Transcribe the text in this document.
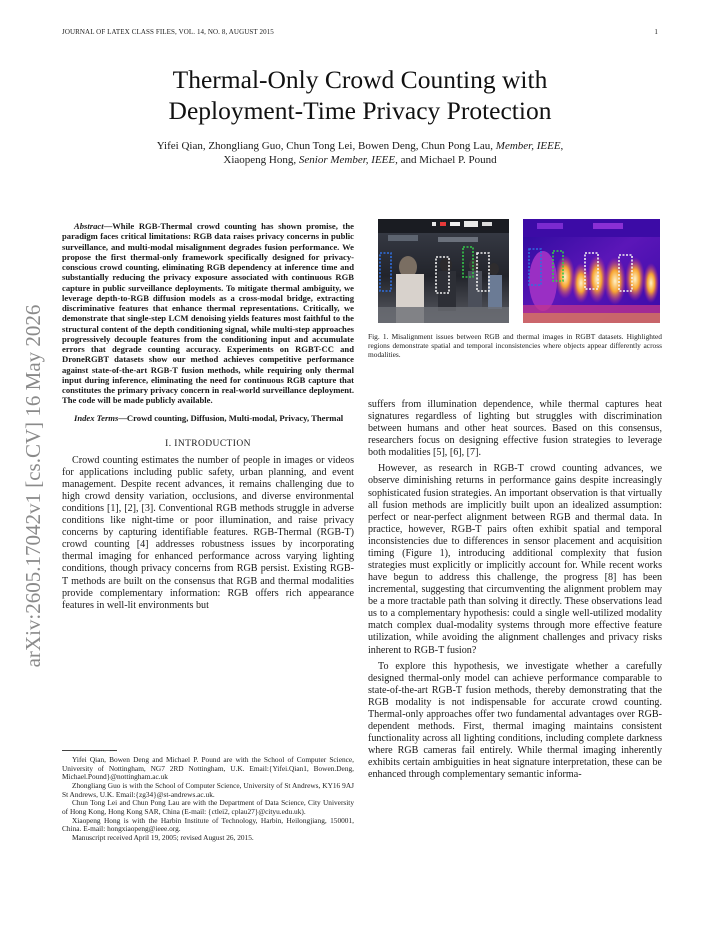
JOURNAL OF LATEX CLASS FILES, VOL. 14, NO. 8, AUGUST 2015	1
Thermal-Only Crowd Counting with
Deployment-Time Privacy Protection
Yifei Qian, Zhongliang Guo, Chun Tong Lei, Bowen Deng, Chun Pong Lau, Member, IEEE,
Xiaopeng Hong, Senior Member, IEEE, and Michael P. Pound
arXiv:2605.17042v1 [cs.CV] 16 May 2026

Abstract—While RGB-Thermal crowd counting has shown promise, the paradigm faces critical limitations: RGB data raises privacy concerns in public surveillance, and multi-modal misalignment degrades fusion performance. We propose the first thermal-only framework specifically designed for privacy-conscious crowd counting, eliminating RGB dependency at inference time and substantially reducing the privacy exposure associated with continuous RGB capture in public surveillance deployments. To mitigate thermal ambiguity, we leverage depth-to-RGB diffusion models as a cross-modal bridge, extracting discriminative features that enhance thermal representations. Critically, we demonstrate that single-step LCM denoising yields features most faithful to the structural content of the depth conditioning signal, while multi-step approaches progressively decouple features from the conditioning input and accumulate errors that degrade counting accuracy. Experiments on RGBT-CC and DroneRGBT datasets show our method achieves competitive performance against state-of-the-art RGB-T fusion methods, while requiring only thermal input during inference, eliminating the need for continuous RGB capture that constitutes the primary privacy concern in real-world surveillance deployment. The code will be made publicly available.

Index Terms—Crowd counting, Diffusion, Multi-modal, Privacy, Thermal

I. INTRODUCTION

Crowd counting estimates the number of people in images or videos for applications including public safety, urban planning, and event management. Despite recent advances, it remains challenging due to high crowd density variation, occlusions, and diverse environmental conditions [1], [2], [3]. Conventional RGB methods struggle in adverse conditions like night-time or poor illumination, and raise privacy concerns by capturing identifiable features. RGB-Thermal (RGB-T) crowd counting [4] addresses robustness issues by incorporating thermal imaging for enhanced performance across varying lighting conditions, though privacy concerns from RGB persist. Existing RGB-T methods are built on the consensus that RGB and thermal modalities provide complementary information: RGB offers rich appearance features in well-lit environments but

Yifei Qian, Bowen Deng and Michael P. Pound are with the School of Computer Science, University of Nottingham, NG7 2RD Nottingham, U.K. Email:{Yifei.Qian1, Bowen.Deng, Michael.Pound}@nottingham.ac.uk

Zhongliang Guo is with the School of Computer Science, University of St Andrews, KY16 9AJ St Andrews, U.K. Email:{zg34}@st-andrews.ac.uk.

Chun Tong Lei and Chun Pong Lau are with the Department of Data Science, City University of Hong Kong, Hong Kong SAR, China (E-mail: {ctlei2, cplau27}@cityu.edu.uk).

Xiaopeng Hong is with the Harbin Institute of Technology, Harbin, Heilongjiang, 150001, China. E-mail: hongxiaopeng@ieee.org.

Manuscript received April 19, 2005; revised August 26, 2015.

Fig. 1. Misalignment issues between RGB and thermal images in RGBT datasets. Highlighted regions demonstrate spatial and temporal inconsistencies where objects appear differently across modalities.

suffers from illumination dependence, while thermal captures heat signatures regardless of lighting but struggles with discrimination between humans and other heat sources. Based on this consensus, researchers focus on designing effective fusion strategies to leverage both modalities [5], [6], [7].

However, as research in RGB-T crowd counting advances, we observe diminishing returns in performance gains despite increasingly sophisticated fusion strategies. An important observation is that virtually all fusion methods are implicitly built upon an idealized assumption: perfect or near-perfect alignment between RGB and thermal data. In practice, however, RGB-T pairs often exhibit spatial and temporal inconsistencies due to differences in sensor placement and acquisition timing (Figure 1), introducing additional complexity that fusion strategies must explicitly or implicitly account for. While recent works have begun to address this challenge, the progress [8] has been incremental, suggesting that circumventing the alignment problem may be a more tractable path than solving it directly. These observations lead us to a complementary hypothesis: could a single well-utilized modality match complex dual-modality systems through more effective feature utilization, while avoiding the alignment challenges and privacy risks inherent to RGB-T fusion?

To explore this hypothesis, we investigate whether a carefully designed thermal-only model can achieve performance comparable to state-of-the-art RGB-T fusion methods, thereby demonstrating that the RGB modality is not indispensable for accurate crowd counting. Thermal-only approaches offer two fundamental advantages over RGB-dependent methods. First, thermal imaging maintains consistent functionality across all lighting conditions, including complete darkness where RGB cameras fail entirely. While thermal imaging inherently exhibits certain ambiguities in heat signature interpretation, these can be enhanced through complementary semantic informa-
